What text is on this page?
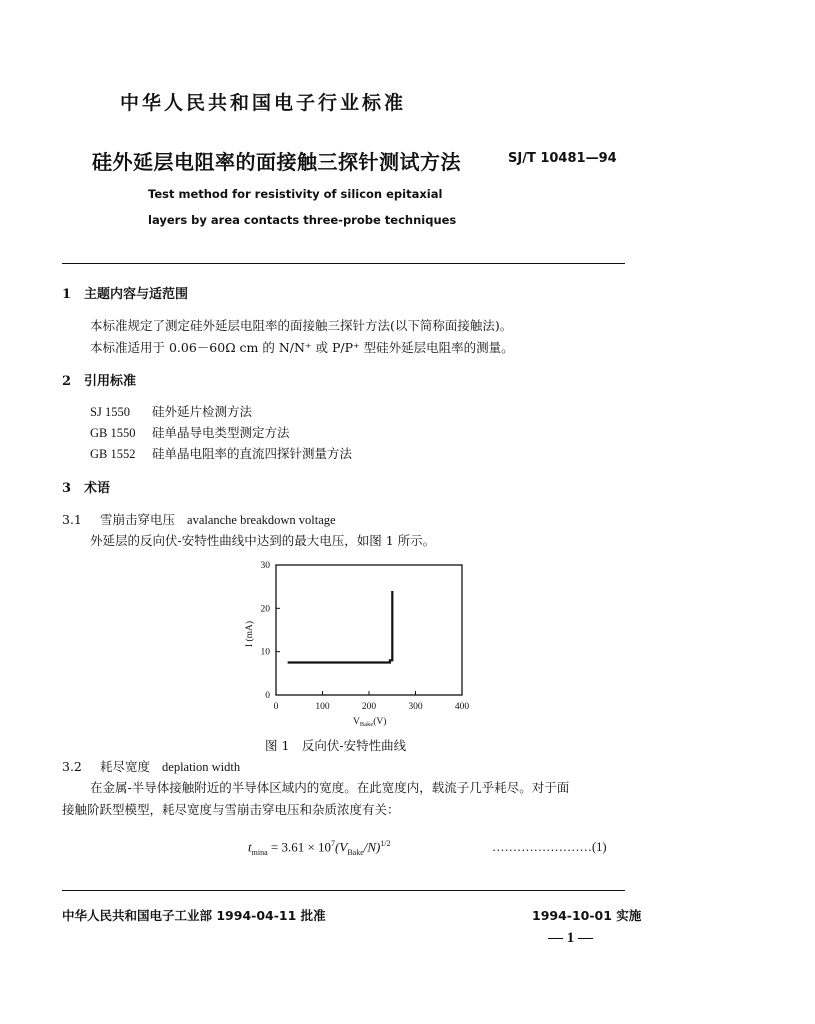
中华人民共和国电子行业标准
硅外延层电阻率的面接触三探针测试方法	SJ/T 10481—94
Test method for resistivity of silicon epitaxial
layers by area contacts three-probe techniques
1 主题内容与适范围
本标准规定了测定硅外延层电阻率的面接触三探针方法(以下简称面接触法)。
本标准适用于 0.06－60Ω cm 的 N/N⁺ 或 P/P⁺ 型硅外延层电阻率的测量。
2 引用标准
SJ 1550 硅外延片检测方法
GB 1550 硅单晶导电类型测定方法
GB 1552 硅单晶电阻率的直流四探针测量方法
3 术语
3.1 雪崩击穿电压 avalanche breakdown voltage
外延层的反向伏-安特性曲线中达到的最大电压，如图 1 所示。
0
10
20
30
0	100	200	300	400
I (mA)
$V_{Bake}(V)$
图 1　反向伏-安特性曲线
3.2 耗尽宽度 deplation width
在金属-半导体接触附近的半导体区域内的宽度。在此宽度内，载流子几乎耗尽。对于面
接触阶跃型模型，耗尽宽度与雪崩击穿电压和杂质浓度有关：
$t_{mina} = 3.61 \times 10^7(V_{Bake}/N)^{1/2}$	……………………(1)
中华人民共和国电子工业部 1994-04-11 批准	1994-10-01 实施
— 1 —
